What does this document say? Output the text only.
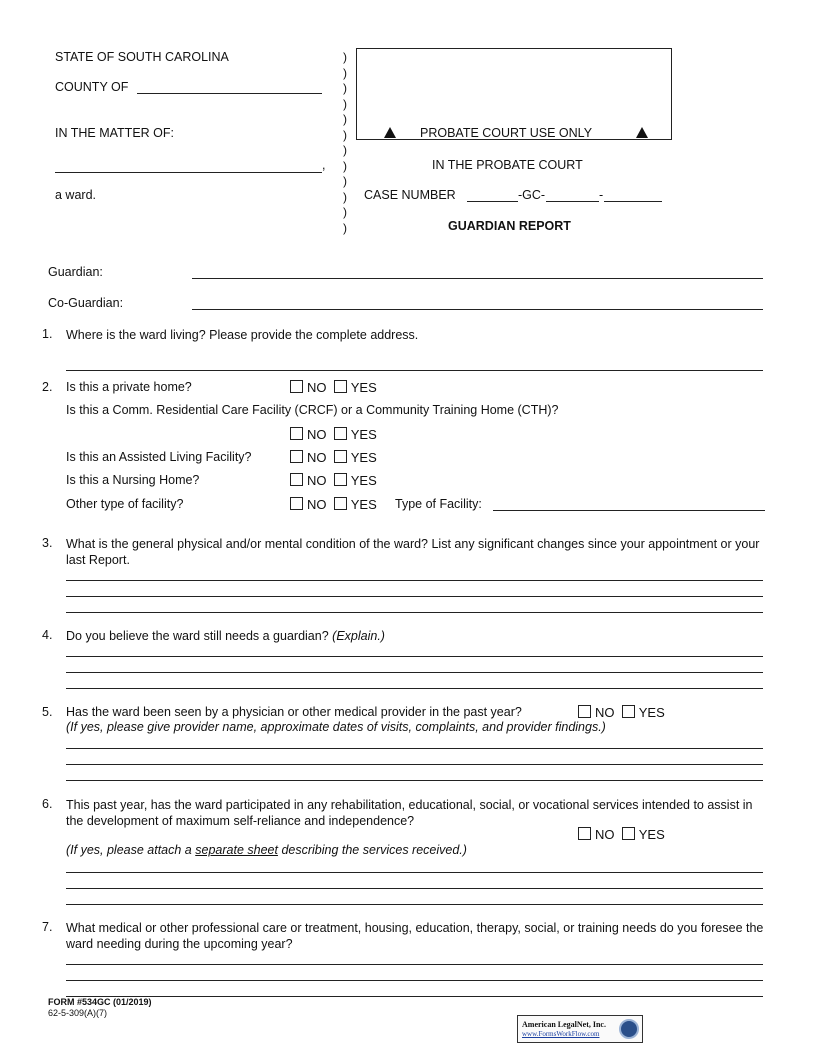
STATE OF SOUTH CAROLINA
COUNTY OF
IN THE MATTER OF:
,
a ward.
)
)
)
)
)
)
)
)
)
)
)
)
PROBATE COURT USE ONLY
IN THE PROBATE COURT
CASE NUMBER	-GC-	-
GUARDIAN REPORT
Guardian:
Co-Guardian:
1. Where is the ward living? Please provide the complete address.
2. Is this a private home?	NO YES
Is this a Comm. Residential Care Facility (CRCF) or a Community Training Home (CTH)?
NO YES
Is this an Assisted Living Facility?	NO YES
Is this a Nursing Home?	NO YES
Other type of facility?	NO YES Type of Facility:
3. What is the general physical and/or mental condition of the ward? List any significant changes since your appointment or your last Report.
4. Do you believe the ward still needs a guardian? (Explain.)
5. Has the ward been seen by a physician or other medical provider in the past year?	NO YES
(If yes, please give provider name, approximate dates of visits, complaints, and provider findings.)
6. This past year, has the ward participated in any rehabilitation, educational, social, or vocational services intended to assist in the development of maximum self-reliance and independence?
NO YES
(If yes, please attach a separate sheet describing the services received.)
7. What medical or other professional care or treatment, housing, education, therapy, social, or training needs do you foresee the ward needing during the upcoming year?
FORM #534GC (01/2019)
62-5-309(A)(7)
American LegalNet, Inc.
www.FormsWorkFlow.com
